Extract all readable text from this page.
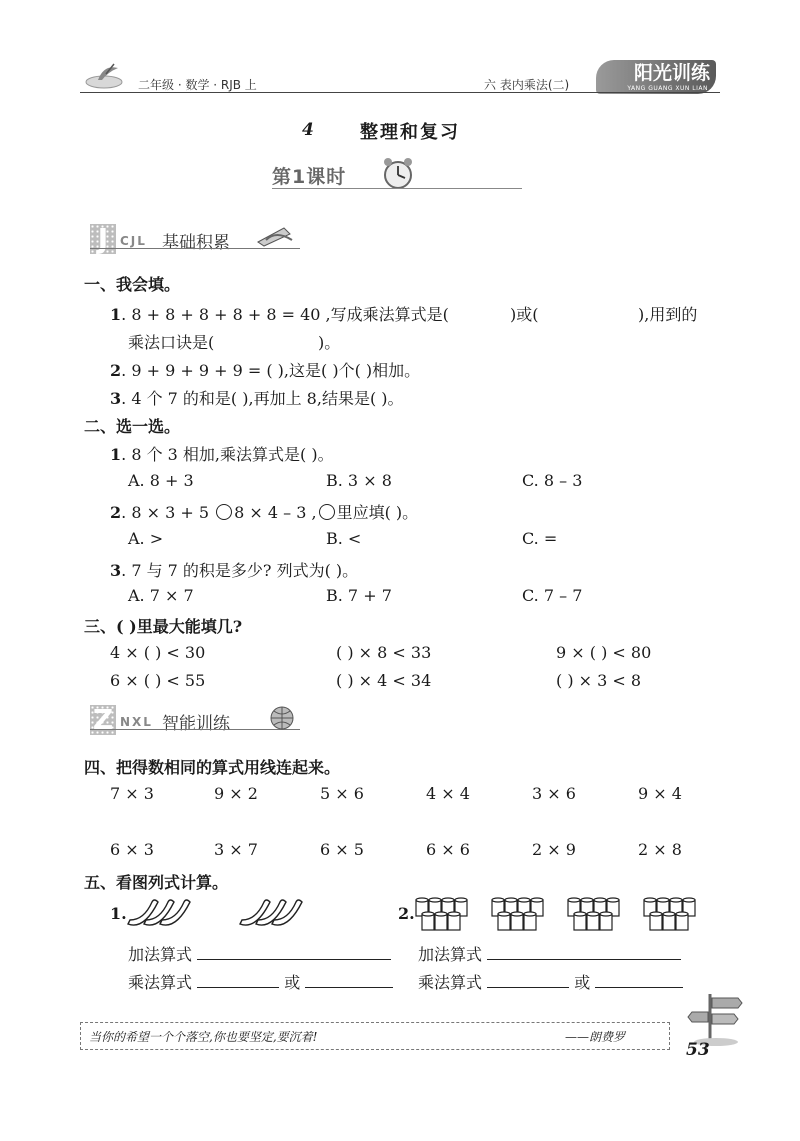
二年级 · 数学 · RJB 上	六 表内乘法(二)
阳光训练
YANG GUANG XUN LIAN
4	整理和复习
第1课时
J CJL 基础积累
一、我会填。
1. 8 + 8 + 8 + 8 + 8 = 40 ,写成乘法算式是(	)或(	),用到的
乘法口诀是(	)。
2. 9 + 9 + 9 + 9 = ( ),这是( )个( )相加。
3. 4 个 7 的和是( ),再加上 8,结果是( )。
二、选一选。
1. 8 个 3 相加,乘法算式是( )。
A. 8 + 3	B. 3 × 8	C. 8 – 3
2. 8 × 3 + 5 8 × 4 – 3 , 里应填( )。
A. >	B. <	C. =
3. 7 与 7 的积是多少? 列式为( )。
A. 7 × 7	B. 7 + 7	C. 7 – 7
三、( )里最大能填几?
4 × ( ) < 30	( ) × 8 < 33	9 × ( ) < 80
6 × ( ) < 55	( ) × 4 < 34	( ) × 3 < 8
Z NXL 智能训练
四、把得数相同的算式用线连起来。
7 × 3	9 × 2	5 × 6	4 × 4	3 × 6	9 × 4
6 × 3	3 × 7	6 × 5	6 × 6	2 × 9	2 × 8
五、看图列式计算。
1.	2.
加法算式
乘法算式	或
加法算式
乘法算式	或
当你的希望一个个落空,你也要坚定,要沉着!	——朗费罗
53
